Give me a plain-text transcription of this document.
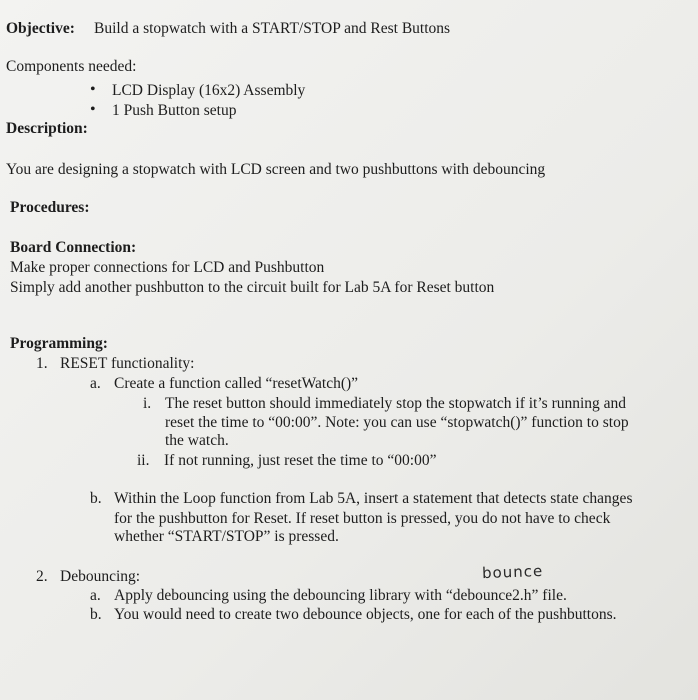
Objective: Build a stopwatch with a START/STOP and Rest Buttons
Components needed:
• LCD Display (16x2) Assembly
• 1 Push Button setup
Description:
You are designing a stopwatch with LCD screen and two pushbuttons with debouncing
Procedures:
Board Connection:
Make proper connections for LCD and Pushbutton
Simply add another pushbutton to the circuit built for Lab 5A for Reset button
Programming:
1. RESET functionality:
a. Create a function called “resetWatch()”
i. The reset button should immediately stop the stopwatch if it’s running and
reset the time to “00:00”. Note: you can use “stopwatch()” function to stop
the watch.
ii. If not running, just reset the time to “00:00”
b. Within the Loop function from Lab 5A, insert a statement that detects state changes
for the pushbutton for Reset. If reset button is pressed, you do not have to check
whether “START/STOP” is pressed.
2. Debouncing:	bounce
a. Apply debouncing using the debouncing library with “debounce2.h” file.
b. You would need to create two debounce objects, one for each of the pushbuttons.
